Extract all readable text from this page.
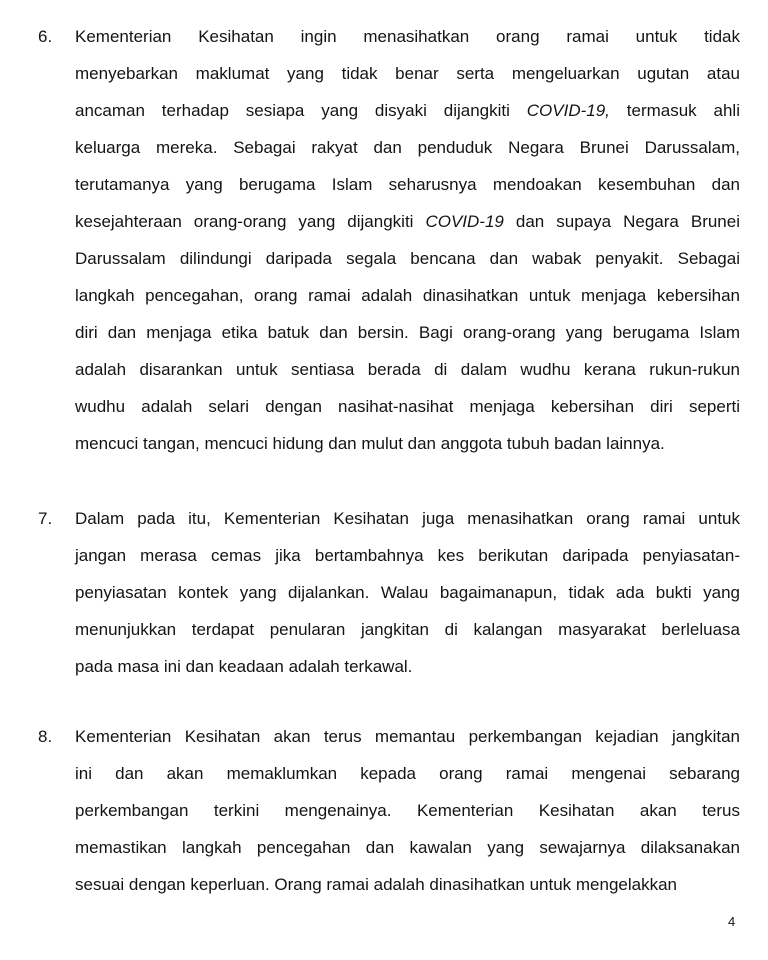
6. Kementerian Kesihatan ingin menasihatkan orang ramai untuk tidak
menyebarkan maklumat yang tidak benar serta mengeluarkan ugutan atau
ancaman terhadap sesiapa yang disyaki dijangkiti COVID-19, termasuk ahli
keluarga mereka. Sebagai rakyat dan penduduk Negara Brunei Darussalam,
terutamanya yang berugama Islam seharusnya mendoakan kesembuhan dan
kesejahteraan orang-orang yang dijangkiti COVID-19 dan supaya Negara Brunei
Darussalam dilindungi daripada segala bencana dan wabak penyakit. Sebagai
langkah pencegahan, orang ramai adalah dinasihatkan untuk menjaga kebersihan
diri dan menjaga etika batuk dan bersin. Bagi orang-orang yang berugama Islam
adalah disarankan untuk sentiasa berada di dalam wudhu kerana rukun-rukun
wudhu adalah selari dengan nasihat-nasihat menjaga kebersihan diri seperti
mencuci tangan, mencuci hidung dan mulut dan anggota tubuh badan lainnya.
7. Dalam pada itu, Kementerian Kesihatan juga menasihatkan orang ramai untuk
jangan merasa cemas jika bertambahnya kes berikutan daripada penyiasatan-
penyiasatan kontek yang dijalankan. Walau bagaimanapun, tidak ada bukti yang
menunjukkan terdapat penularan jangkitan di kalangan masyarakat berleluasa
pada masa ini dan keadaan adalah terkawal.
8. Kementerian Kesihatan akan terus memantau perkembangan kejadian jangkitan
ini dan akan memaklumkan kepada orang ramai mengenai sebarang
perkembangan terkini mengenainya. Kementerian Kesihatan akan terus
memastikan langkah pencegahan dan kawalan yang sewajarnya dilaksanakan
sesuai dengan keperluan. Orang ramai adalah dinasihatkan untuk mengelakkan
4
